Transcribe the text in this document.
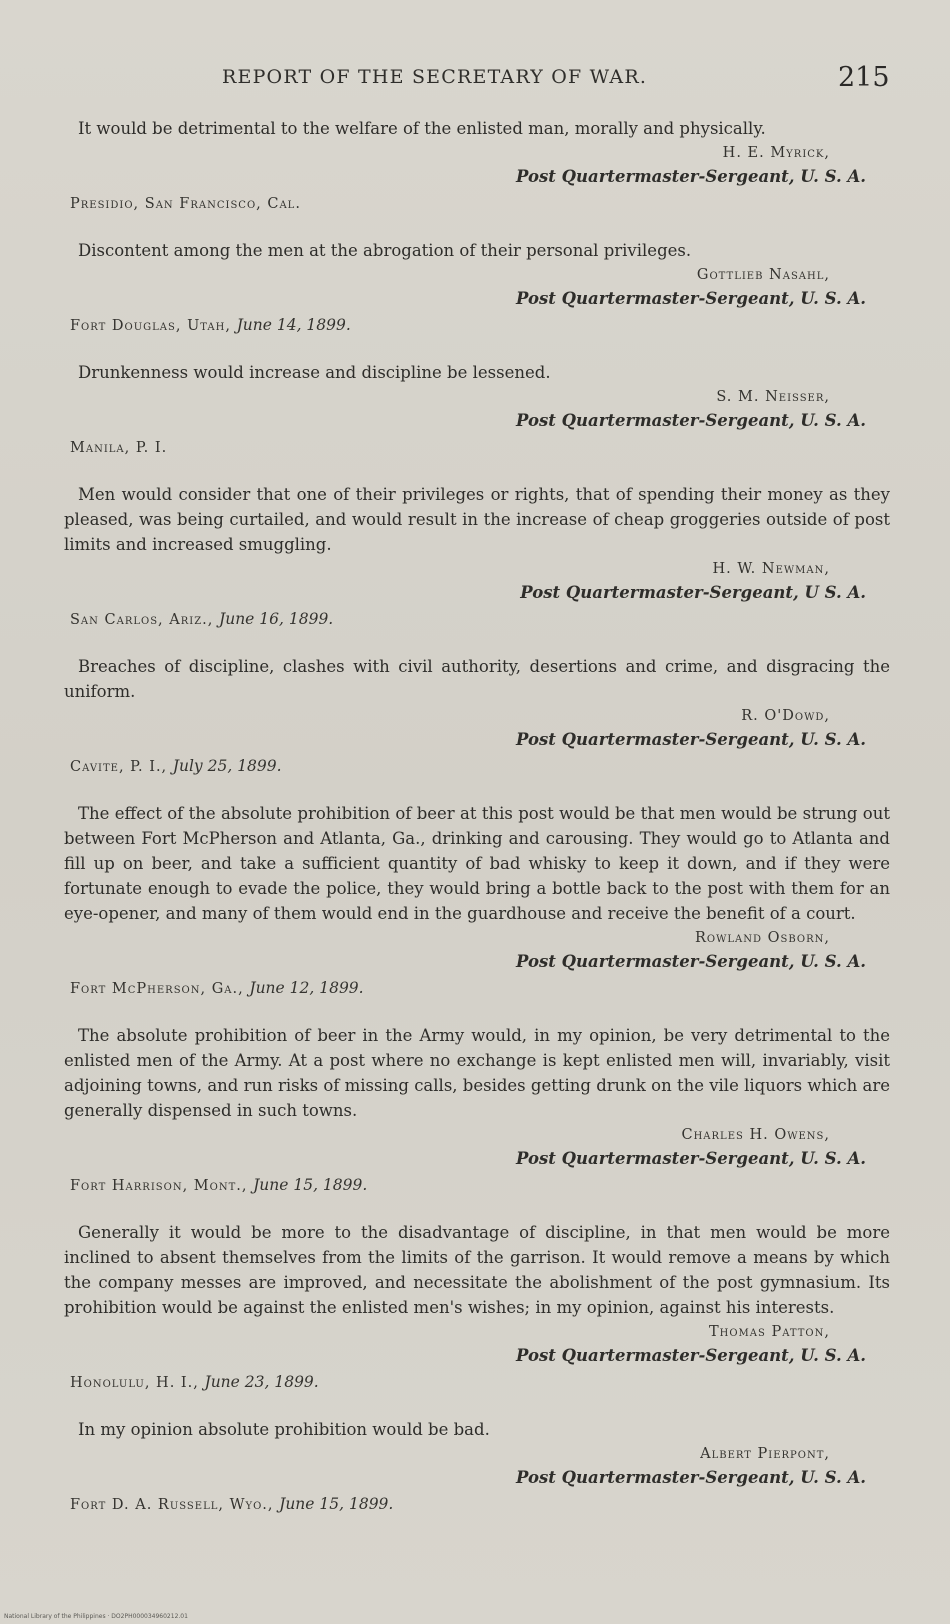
REPORT OF THE SECRETARY OF WAR.	215

It would be detrimental to the welfare of the enlisted man, morally and physically.

H. E. Myrick,
Post Quartermaster-Sergeant, U. S. A.
Presidio, San Francisco, Cal.

Discontent among the men at the abrogation of their personal privileges.

Gottlieb Nasahl,
Post Quartermaster-Sergeant, U. S. A.
Fort Douglas, Utah, June 14, 1899.

Drunkenness would increase and discipline be lessened.

S. M. Neisser,
Post Quartermaster-Sergeant, U. S. A.
Manila, P. I.

Men would consider that one of their privileges or rights, that of spending their money as they pleased, was being curtailed, and would result in the increase of cheap groggeries outside of post limits and increased smuggling.

H. W. Newman,
Post Quartermaster-Sergeant, U S. A.
San Carlos, Ariz., June 16, 1899.

Breaches of discipline, clashes with civil authority, desertions and crime, and disgracing the uniform.

R. O'Dowd,
Post Quartermaster-Sergeant, U. S. A.
Cavite, P. I., July 25, 1899.

The effect of the absolute prohibition of beer at this post would be that men would be strung out between Fort McPherson and Atlanta, Ga., drinking and carousing. They would go to Atlanta and fill up on beer, and take a sufficient quantity of bad whisky to keep it down, and if they were fortunate enough to evade the police, they would bring a bottle back to the post with them for an eye-opener, and many of them would end in the guardhouse and receive the benefit of a court.

Rowland Osborn,
Post Quartermaster-Sergeant, U. S. A.
Fort McPherson, Ga., June 12, 1899.

The absolute prohibition of beer in the Army would, in my opinion, be very detrimental to the enlisted men of the Army. At a post where no exchange is kept enlisted men will, invariably, visit adjoining towns, and run risks of missing calls, besides getting drunk on the vile liquors which are generally dispensed in such towns.

Charles H. Owens,
Post Quartermaster-Sergeant, U. S. A.
Fort Harrison, Mont., June 15, 1899.

Generally it would be more to the disadvantage of discipline, in that men would be more inclined to absent themselves from the limits of the garrison. It would remove a means by which the company messes are improved, and necessitate the abolishment of the post gymnasium. Its prohibition would be against the enlisted men's wishes; in my opinion, against his interests.

Thomas Patton,
Post Quartermaster-Sergeant, U. S. A.
Honolulu, H. I., June 23, 1899.

In my opinion absolute prohibition would be bad.

Albert Pierpont,
Post Quartermaster-Sergeant, U. S. A.
Fort D. A. Russell, Wyo., June 15, 1899.
National Library of the Philippines · DO2PH000034960212.01
